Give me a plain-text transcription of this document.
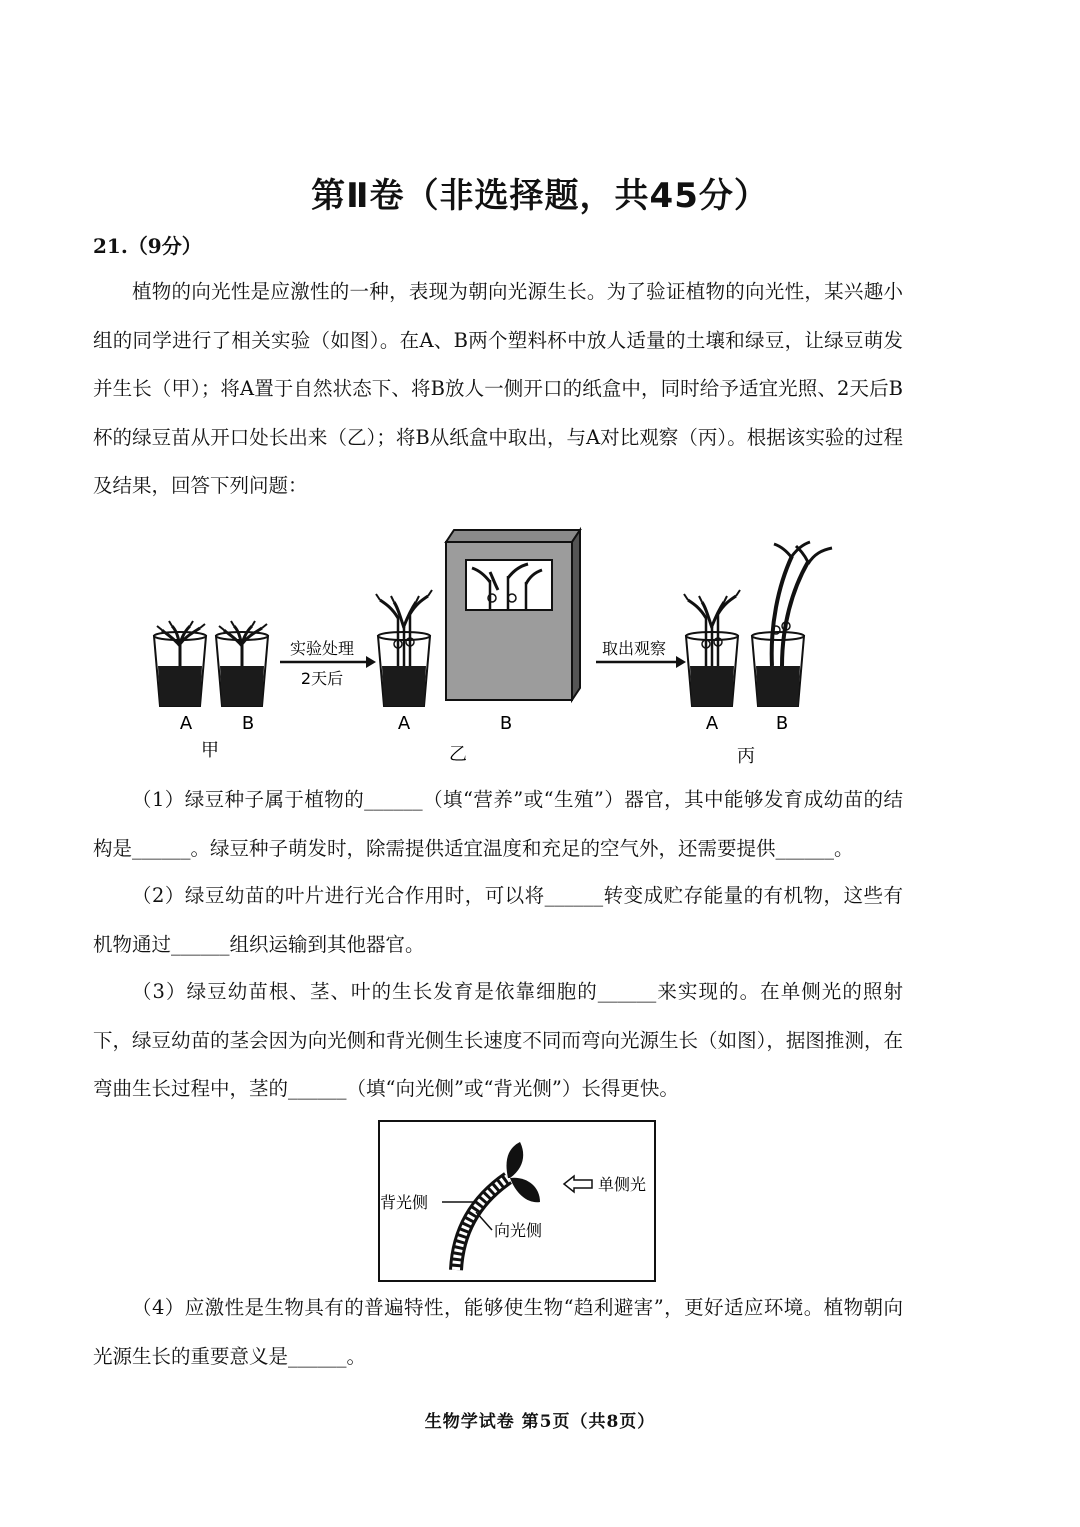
第Ⅱ卷（非选择题，共45分）
21.（9分）
植物的向光性是应激性的一种，表现为朝向光源生长。为了验证植物的向光性，某兴趣小组的同学进行了相关实验（如图）。在A、B两个塑料杯中放人适量的土壤和绿豆，让绿豆萌发并生长（甲）；将A置于自然状态下、将B放人一侧开口的纸盒中，同时给予适宜光照、2天后B杯的绿豆苗从开口处长出来（乙）；将B从纸盒中取出，与A对比观察（丙）。根据该实验的过程及结果，回答下列问题：
实验处理
2天后
取出观察
A	B
甲
A	B
乙
A	B
丙
（1）绿豆种子属于植物的______（填“营养”或“生殖”）器官，其中能够发育成幼苗的结构是______。绿豆种子萌发时，除需提供适宜温度和充足的空气外，还需要提供______。
（2）绿豆幼苗的叶片进行光合作用时，可以将______转变成贮存能量的有机物，这些有机物通过______组织运输到其他器官。
（3）绿豆幼苗根、茎、叶的生长发育是依靠细胞的______来实现的。在单侧光的照射下，绿豆幼苗的茎会因为向光侧和背光侧生长速度不同而弯向光源生长（如图），据图推测，在弯曲生长过程中，茎的______（填“向光侧”或“背光侧”）长得更快。
背光侧
单侧光
向光侧
（4）应激性是生物具有的普遍特性，能够使生物“趋利避害”，更好适应环境。植物朝向光源生长的重要意义是______。
生物学试卷 第5页（共8页）
